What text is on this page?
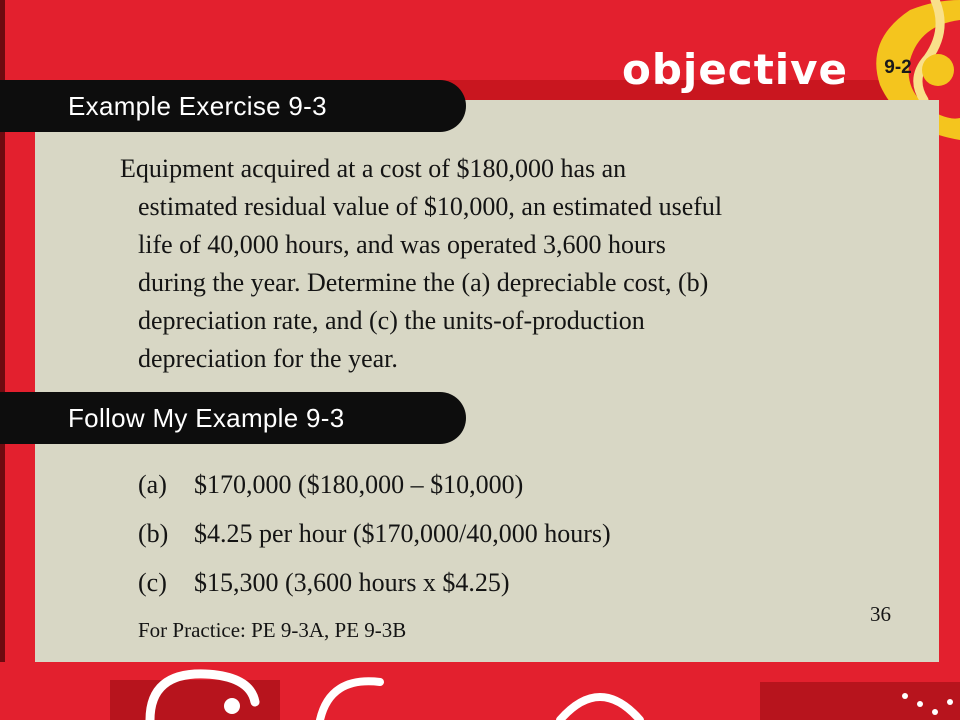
objective	9-2
Example Exercise 9-3
Equipment acquired at a cost of $180,000 has an
estimated residual value of $10,000, an estimated useful
life of 40,000 hours, and was operated 3,600 hours
during the year. Determine the (a) depreciable cost, (b)
depreciation rate, and (c) the units-of-production
depreciation for the year.
Follow My Example 9-3
(a) $170,000 ($180,000 – $10,000)
(b) $4.25 per hour ($170,000/40,000 hours)
(c) $15,300 (3,600 hours x $4.25)
For Practice: PE 9-3A, PE 9-3B
36
